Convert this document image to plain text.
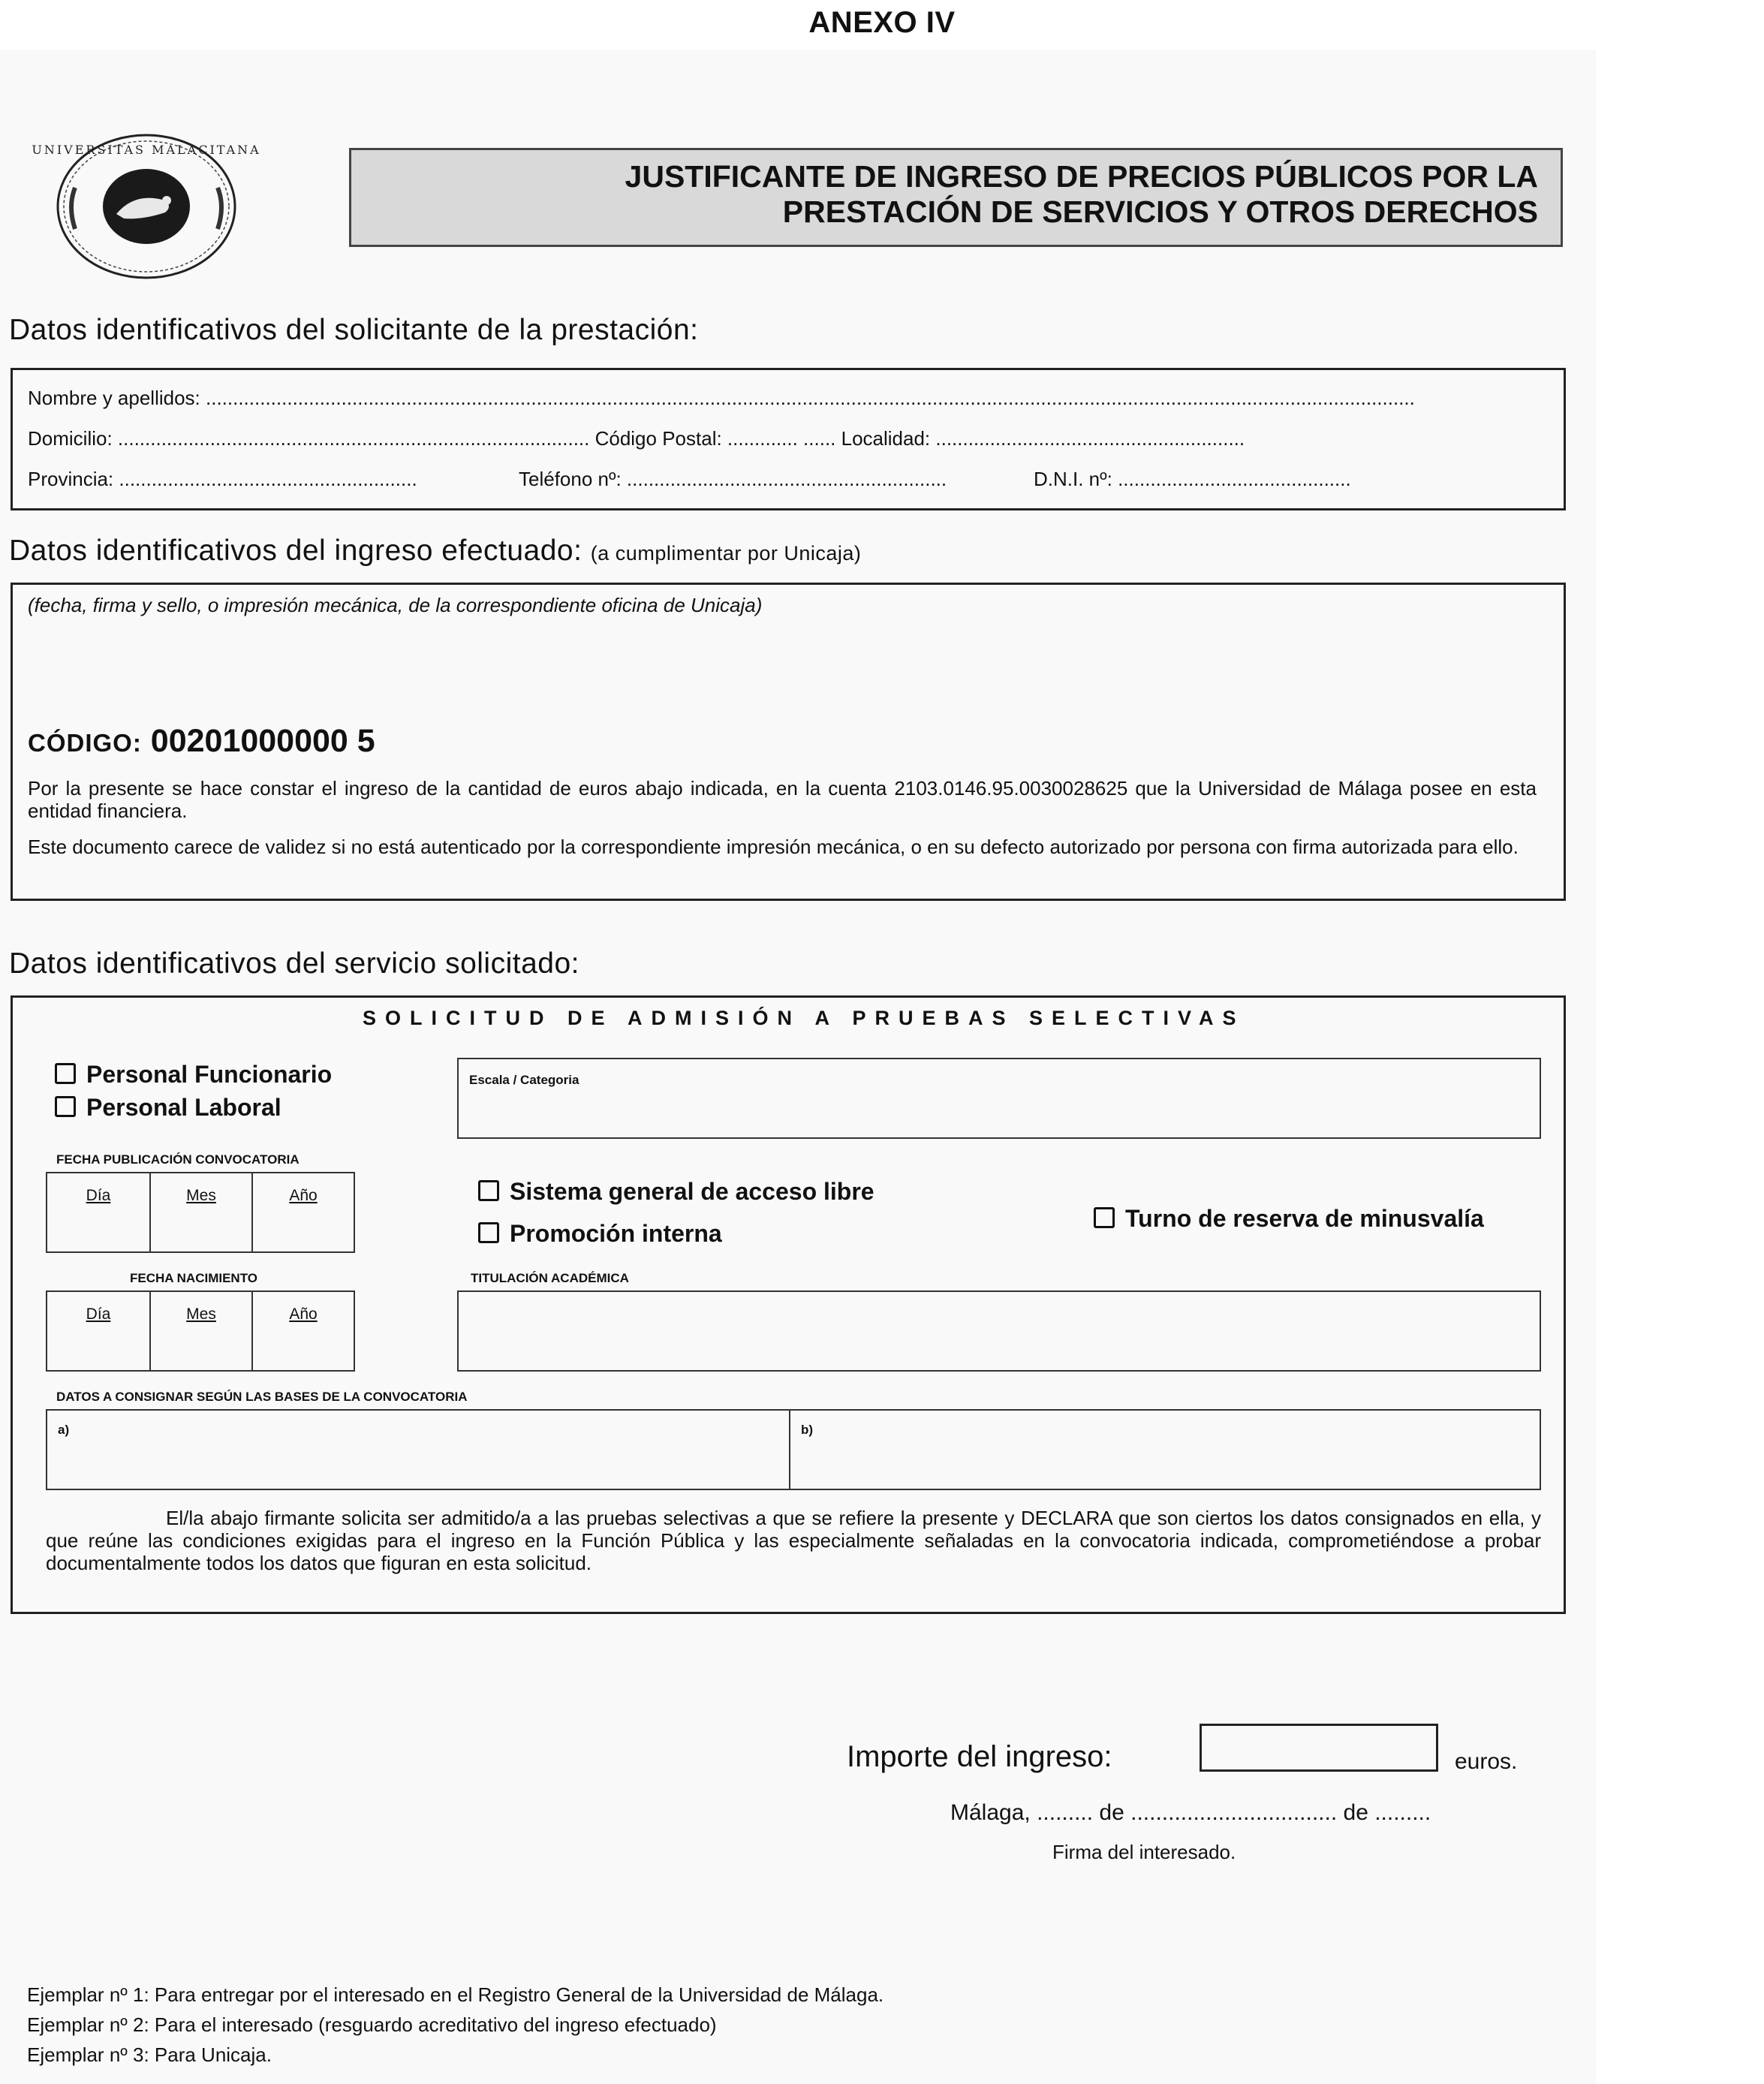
ANEXO IV
UNIVERSITAS MALACITANA
JUSTIFICANTE DE INGRESO DE PRECIOS PÚBLICOS POR LA
PRESTACIÓN DE SERVICIOS Y OTROS DERECHOS
Datos identificativos del solicitante de la prestación:
Nombre y apellidos: ...............................................................................................................................................................................................................................
Domicilio: ....................................................................................... Código Postal: ............. ...... Localidad: .........................................................
Provincia: .......................................................	Teléfono nº: ...........................................................	D.N.I. nº: ...........................................
Datos identificativos del ingreso efectuado: (a cumplimentar por Unicaja)
(fecha, firma y sello, o impresión mecánica, de la correspondiente oficina de Unicaja)
CÓDIGO: 00201000000 5
Por la presente se hace constar el ingreso de la cantidad de euros abajo indicada, en la cuenta 2103.0146.95.0030028625 que la Universidad de Málaga posee en esta entidad financiera.
Este documento carece de validez si no está autenticado por la correspondiente impresión mecánica, o en su defecto autorizado por persona con firma autorizada para ello.
Datos identificativos del servicio solicitado:
SOLICITUD DE ADMISIÓN A PRUEBAS SELECTIVAS
Personal Funcionario
Personal Laboral
Escala / Categoria
FECHA PUBLICACIÓN CONVOCATORIA
Día	Mes	Año	Sistema general de acceso libre
Promoción interna
Turno de reserva de minusvalía
FECHA NACIMIENTO
Día	Mes	Año
TITULACIÓN ACADÉMICA
DATOS A CONSIGNAR SEGÚN LAS BASES DE LA CONVOCATORIA
a)	b)
El/la abajo firmante solicita ser admitido/a a las pruebas selectivas a que se refiere la presente y DECLARA que son ciertos los datos consignados en ella, y que reúne las condiciones exigidas para el ingreso en la Función Pública y las especialmente señaladas en la convocatoria indicada, comprometiéndose a probar documentalmente todos los datos que figuran en esta solicitud.
Importe del ingreso:	euros.
Málaga, ......... de ................................. de .........
Firma del interesado.
Ejemplar nº 1: Para entregar por el interesado en el Registro General de la Universidad de Málaga.
Ejemplar nº 2: Para el interesado (resguardo acreditativo del ingreso efectuado)
Ejemplar nº 3: Para Unicaja.
